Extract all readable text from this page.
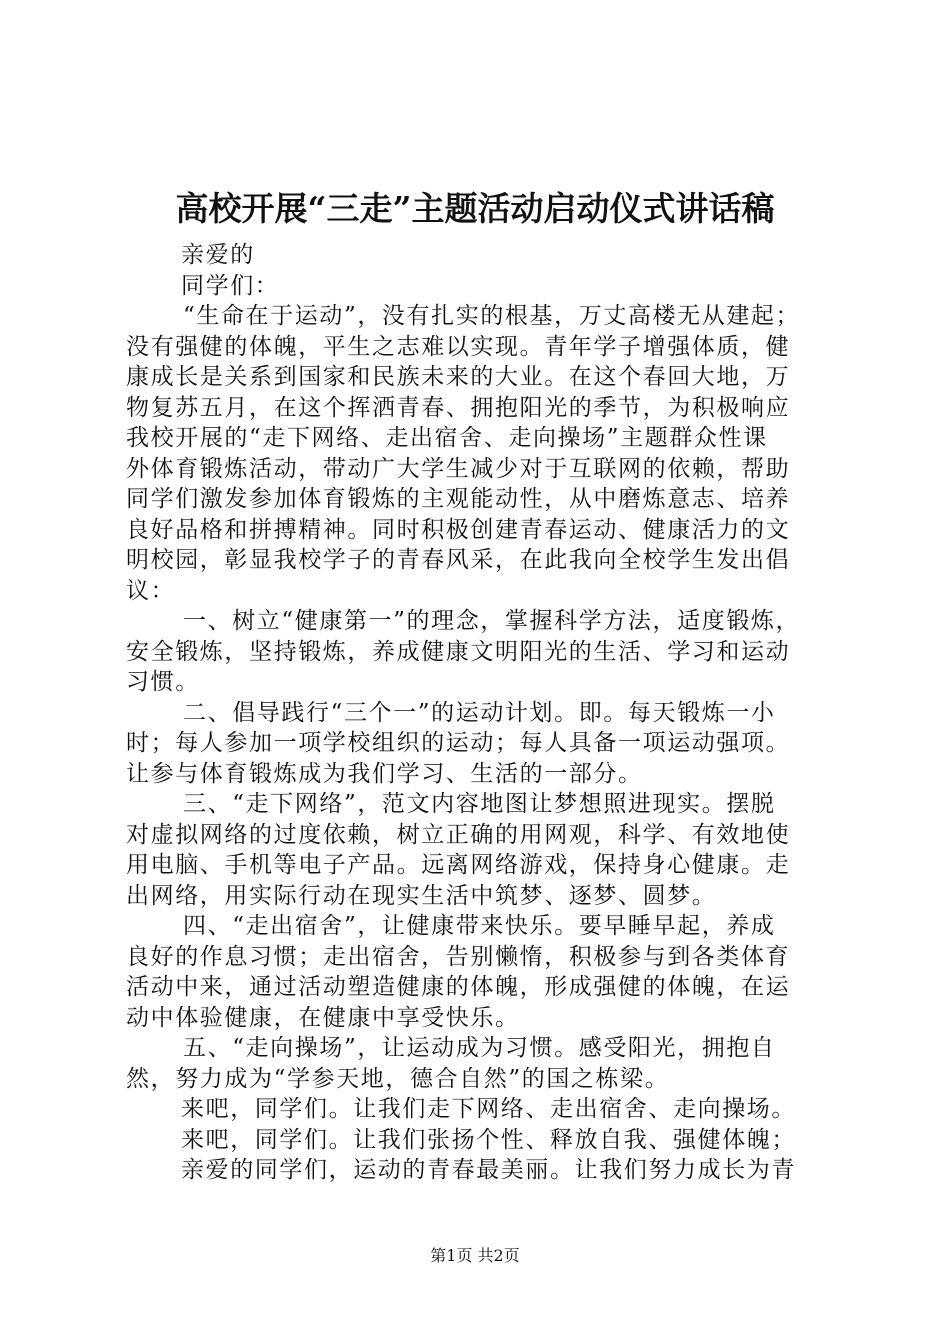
高校开展“三走”主题活动启动仪式讲话稿
亲爱的
同学们：
“生命在于运动”，没有扎实的根基，万丈高楼无从建起；
没有强健的体魄，平生之志难以实现。青年学子增强体质，健
康成长是关系到国家和民族未来的大业。在这个春回大地，万
物复苏五月，在这个挥洒青春、拥抱阳光的季节，为积极响应
我校开展的“走下网络、走出宿舍、走向操场”主题群众性课
外体育锻炼活动，带动广大学生减少对于互联网的依赖，帮助
同学们激发参加体育锻炼的主观能动性，从中磨炼意志、培养
良好品格和拼搏精神。同时积极创建青春运动、健康活力的文
明校园，彰显我校学子的青春风采，在此我向全校学生发出倡
议：
一、树立“健康第一”的理念，掌握科学方法，适度锻炼，
安全锻炼，坚持锻炼，养成健康文明阳光的生活、学习和运动
习惯。
二、倡导践行“三个一”的运动计划。即。每天锻炼一小
时；每人参加一项学校组织的运动；每人具备一项运动强项。
让参与体育锻炼成为我们学习、生活的一部分。
三、“走下网络”，范文内容地图让梦想照进现实。摆脱
对虚拟网络的过度依赖，树立正确的用网观，科学、有效地使
用电脑、手机等电子产品。远离网络游戏，保持身心健康。走
出网络，用实际行动在现实生活中筑梦、逐梦、圆梦。
四、“走出宿舍”，让健康带来快乐。要早睡早起，养成
良好的作息习惯；走出宿舍，告别懒惰，积极参与到各类体育
活动中来，通过活动塑造健康的体魄，形成强健的体魄，在运
动中体验健康，在健康中享受快乐。
五、“走向操场”，让运动成为习惯。感受阳光，拥抱自
然，努力成为“学参天地，德合自然”的国之栋梁。
来吧，同学们。让我们走下网络、走出宿舍、走向操场。
来吧，同学们。让我们张扬个性、释放自我、强健体魄；
亲爱的同学们，运动的青春最美丽。让我们努力成长为青
第1页 共2页
